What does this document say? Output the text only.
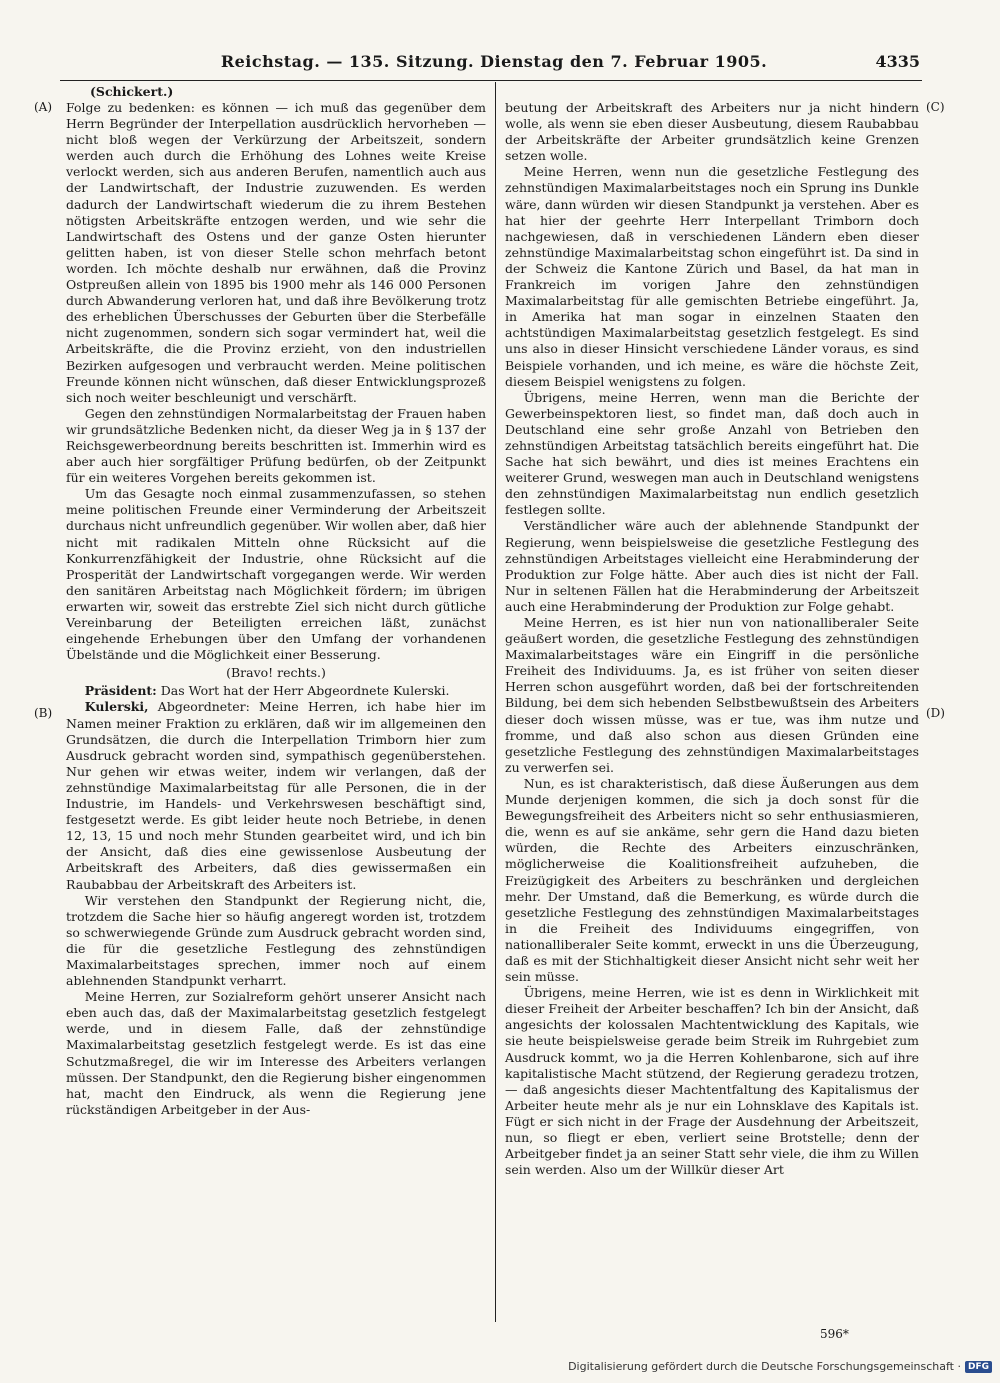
Reichstag. — 135. Sitzung. Dienstag den 7. Februar 1905.	4335
(Schickert.)
(A)
(B)
(C)
(D)

Folge zu bedenken: es können — ich muß das gegenüber dem Herrn Begründer der Interpellation ausdrücklich hervorheben — nicht bloß wegen der Verkürzung der Arbeitszeit, sondern werden auch durch die Erhöhung des Lohnes weite Kreise verlockt werden, sich aus anderen Berufen, namentlich auch aus der Landwirtschaft, der Industrie zuzuwenden. Es werden dadurch der Landwirtschaft wiederum die zu ihrem Bestehen nötigsten Arbeitskräfte entzogen werden, und wie sehr die Landwirtschaft des Ostens und der ganze Osten hierunter gelitten haben, ist von dieser Stelle schon mehrfach betont worden. Ich möchte deshalb nur erwähnen, daß die Provinz Ostpreußen allein von 1895 bis 1900 mehr als 146 000 Personen durch Abwanderung verloren hat, und daß ihre Bevölkerung trotz des erheblichen Überschusses der Geburten über die Sterbefälle nicht zugenommen, sondern sich sogar vermindert hat, weil die Arbeitskräfte, die die Provinz erzieht, von den industriellen Bezirken aufgesogen und verbraucht werden. Meine politischen Freunde können nicht wünschen, daß dieser Entwicklungsprozeß sich noch weiter beschleunigt und verschärft.

Gegen den zehnstündigen Normalarbeitstag der Frauen haben wir grundsätzliche Bedenken nicht, da dieser Weg ja in § 137 der Reichsgewerbeordnung bereits beschritten ist. Immerhin wird es aber auch hier sorgfältiger Prüfung bedürfen, ob der Zeitpunkt für ein weiteres Vorgehen bereits gekommen ist.

Um das Gesagte noch einmal zusammenzufassen, so stehen meine politischen Freunde einer Verminderung der Arbeitszeit durchaus nicht unfreundlich gegenüber. Wir wollen aber, daß hier nicht mit radikalen Mitteln ohne Rücksicht auf die Konkurrenzfähigkeit der Industrie, ohne Rücksicht auf die Prosperität der Landwirtschaft vorgegangen werde. Wir werden den sanitären Arbeitstag nach Möglichkeit fördern; im übrigen erwarten wir, soweit das erstrebte Ziel sich nicht durch gütliche Vereinbarung der Beteiligten erreichen läßt, zunächst eingehende Erhebungen über den Umfang der vorhandenen Übelstände und die Möglichkeit einer Besserung.

(Bravo! rechts.)

Präsident: Das Wort hat der Herr Abgeordnete Kulerski.

Kulerski, Abgeordneter: Meine Herren, ich habe hier im Namen meiner Fraktion zu erklären, daß wir im allgemeinen den Grundsätzen, die durch die Interpellation Trimborn hier zum Ausdruck gebracht worden sind, sympathisch gegenüberstehen. Nur gehen wir etwas weiter, indem wir verlangen, daß der zehnstündige Maximalarbeitstag für alle Personen, die in der Industrie, im Handels- und Verkehrswesen beschäftigt sind, festgesetzt werde. Es gibt leider heute noch Betriebe, in denen 12, 13, 15 und noch mehr Stunden gearbeitet wird, und ich bin der Ansicht, daß dies eine gewissenlose Ausbeutung der Arbeitskraft des Arbeiters, daß dies gewissermaßen ein Raubabbau der Arbeitskraft des Arbeiters ist.

Wir verstehen den Standpunkt der Regierung nicht, die, trotzdem die Sache hier so häufig angeregt worden ist, trotzdem so schwerwiegende Gründe zum Ausdruck gebracht worden sind, die für die gesetzliche Festlegung des zehnstündigen Maximalarbeitstages sprechen, immer noch auf einem ablehnenden Standpunkt verharrt.

Meine Herren, zur Sozialreform gehört unserer Ansicht nach eben auch das, daß der Maximalarbeitstag gesetzlich festgelegt werde, und in diesem Falle, daß der zehnstündige Maximalarbeitstag gesetzlich festgelegt werde. Es ist das eine Schutzmaßregel, die wir im Interesse des Arbeiters verlangen müssen. Der Standpunkt, den die Regierung bisher eingenommen hat, macht den Eindruck, als wenn die Regierung jene rückständigen Arbeitgeber in der Aus-

beutung der Arbeitskraft des Arbeiters nur ja nicht hindern wolle, als wenn sie eben dieser Ausbeutung, diesem Raubabbau der Arbeitskräfte der Arbeiter grundsätzlich keine Grenzen setzen wolle.

Meine Herren, wenn nun die gesetzliche Festlegung des zehnstündigen Maximalarbeitstages noch ein Sprung ins Dunkle wäre, dann würden wir diesen Standpunkt ja verstehen. Aber es hat hier der geehrte Herr Interpellant Trimborn doch nachgewiesen, daß in verschiedenen Ländern eben dieser zehnstündige Maximalarbeitstag schon eingeführt ist. Da sind in der Schweiz die Kantone Zürich und Basel, da hat man in Frankreich im vorigen Jahre den zehnstündigen Maximalarbeitstag für alle gemischten Betriebe eingeführt. Ja, in Amerika hat man sogar in einzelnen Staaten den achtstündigen Maximalarbeitstag gesetzlich festgelegt. Es sind uns also in dieser Hinsicht verschiedene Länder voraus, es sind Beispiele vorhanden, und ich meine, es wäre die höchste Zeit, diesem Beispiel wenigstens zu folgen.

Übrigens, meine Herren, wenn man die Berichte der Gewerbeinspektoren liest, so findet man, daß doch auch in Deutschland eine sehr große Anzahl von Betrieben den zehnstündigen Arbeitstag tatsächlich bereits eingeführt hat. Die Sache hat sich bewährt, und dies ist meines Erachtens ein weiterer Grund, weswegen man auch in Deutschland wenigstens den zehnstündigen Maximalarbeitstag nun endlich gesetzlich festlegen sollte.

Verständlicher wäre auch der ablehnende Standpunkt der Regierung, wenn beispielsweise die gesetzliche Festlegung des zehnstündigen Arbeitstages vielleicht eine Herabminderung der Produktion zur Folge hätte. Aber auch dies ist nicht der Fall. Nur in seltenen Fällen hat die Herabminderung der Arbeitszeit auch eine Herabminderung der Produktion zur Folge gehabt.

Meine Herren, es ist hier nun von nationalliberaler Seite geäußert worden, die gesetzliche Festlegung des zehnstündigen Maximalarbeitstages wäre ein Eingriff in die persönliche Freiheit des Individuums. Ja, es ist früher von seiten dieser Herren schon ausgeführt worden, daß bei der fortschreitenden Bildung, bei dem sich hebenden Selbstbewußtsein des Arbeiters dieser doch wissen müsse, was er tue, was ihm nutze und fromme, und daß also schon aus diesen Gründen eine gesetzliche Festlegung des zehnstündigen Maximalarbeitstages zu verwerfen sei.

Nun, es ist charakteristisch, daß diese Äußerungen aus dem Munde derjenigen kommen, die sich ja doch sonst für die Bewegungsfreiheit des Arbeiters nicht so sehr enthusiasmieren, die, wenn es auf sie ankäme, sehr gern die Hand dazu bieten würden, die Rechte des Arbeiters einzuschränken, möglicherweise die Koalitionsfreiheit aufzuheben, die Freizügigkeit des Arbeiters zu beschränken und dergleichen mehr. Der Umstand, daß die Bemerkung, es würde durch die gesetzliche Festlegung des zehnstündigen Maximalarbeitstages in die Freiheit des Individuums eingegriffen, von nationalliberaler Seite kommt, erweckt in uns die Überzeugung, daß es mit der Stichhaltigkeit dieser Ansicht nicht sehr weit her sein müsse.

Übrigens, meine Herren, wie ist es denn in Wirklichkeit mit dieser Freiheit der Arbeiter beschaffen? Ich bin der Ansicht, daß angesichts der kolossalen Machtentwicklung des Kapitals, wie sie heute beispielsweise gerade beim Streik im Ruhrgebiet zum Ausdruck kommt, wo ja die Herren Kohlenbarone, sich auf ihre kapitalistische Macht stützend, der Regierung geradezu trotzen, — daß angesichts dieser Machtentfaltung des Kapitalismus der Arbeiter heute mehr als je nur ein Lohnsklave des Kapitals ist. Fügt er sich nicht in der Frage der Ausdehnung der Arbeitszeit, nun, so fliegt er eben, verliert seine Brotstelle; denn der Arbeitgeber findet ja an seiner Statt sehr viele, die ihm zu Willen sein werden. Also um der Willkür dieser Art

596*
Digitalisierung gefördert durch die Deutsche Forschungsgemeinschaft · DFG
